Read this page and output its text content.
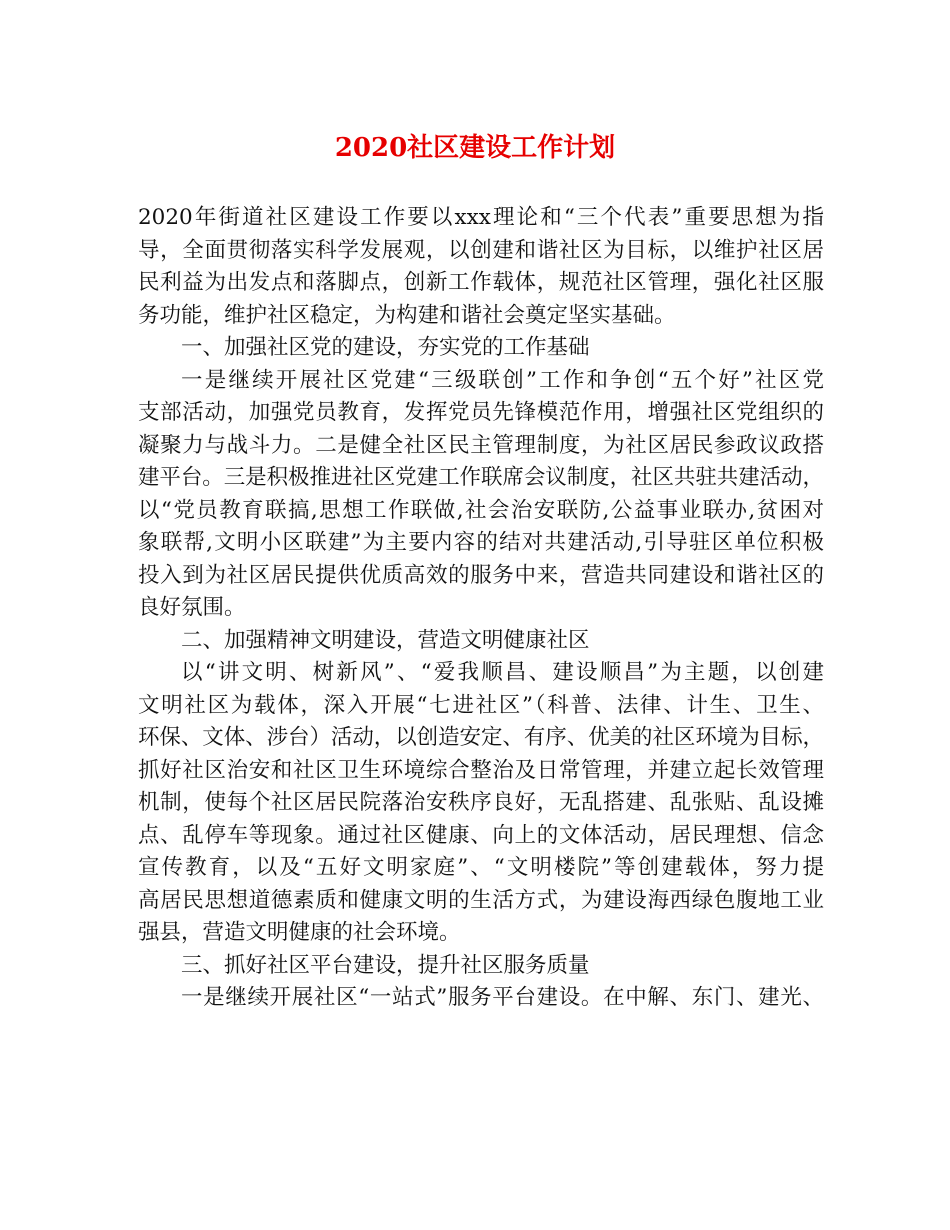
2020社区建设工作计划
2020年街道社区建设工作要以xxx理论和“三个代表”重要思想为指
导，全面贯彻落实科学发展观，以创建和谐社区为目标，以维护社区居
民利益为出发点和落脚点，创新工作载体，规范社区管理，强化社区服
务功能，维护社区稳定，为构建和谐社会奠定坚实基础。
一、加强社区党的建设，夯实党的工作基础
一是继续开展社区党建“三级联创”工作和争创“五个好”社区党
支部活动，加强党员教育，发挥党员先锋模范作用，增强社区党组织的
凝聚力与战斗力。二是健全社区民主管理制度，为社区居民参政议政搭
建平台。三是积极推进社区党建工作联席会议制度，社区共驻共建活动，
以“党员教育联搞,思想工作联做,社会治安联防,公益事业联办,贫困对
象联帮,文明小区联建”为主要内容的结对共建活动,引导驻区单位积极
投入到为社区居民提供优质高效的服务中来，营造共同建设和谐社区的
良好氛围。
二、加强精神文明建设，营造文明健康社区
以“讲文明、树新风”、“爱我顺昌、建设顺昌”为主题，以创建
文明社区为载体，深入开展“七进社区”（科普、法律、计生、卫生、
环保、文体、涉台）活动，以创造安定、有序、优美的社区环境为目标，
抓好社区治安和社区卫生环境综合整治及日常管理，并建立起长效管理
机制，使每个社区居民院落治安秩序良好，无乱搭建、乱张贴、乱设摊
点、乱停车等现象。通过社区健康、向上的文体活动，居民理想、信念
宣传教育，以及“五好文明家庭”、“文明楼院”等创建载体，努力提
高居民思想道德素质和健康文明的生活方式，为建设海西绿色腹地工业
强县，营造文明健康的社会环境。
三、抓好社区平台建设，提升社区服务质量
一是继续开展社区“一站式”服务平台建设。在中解、东门、建光、
